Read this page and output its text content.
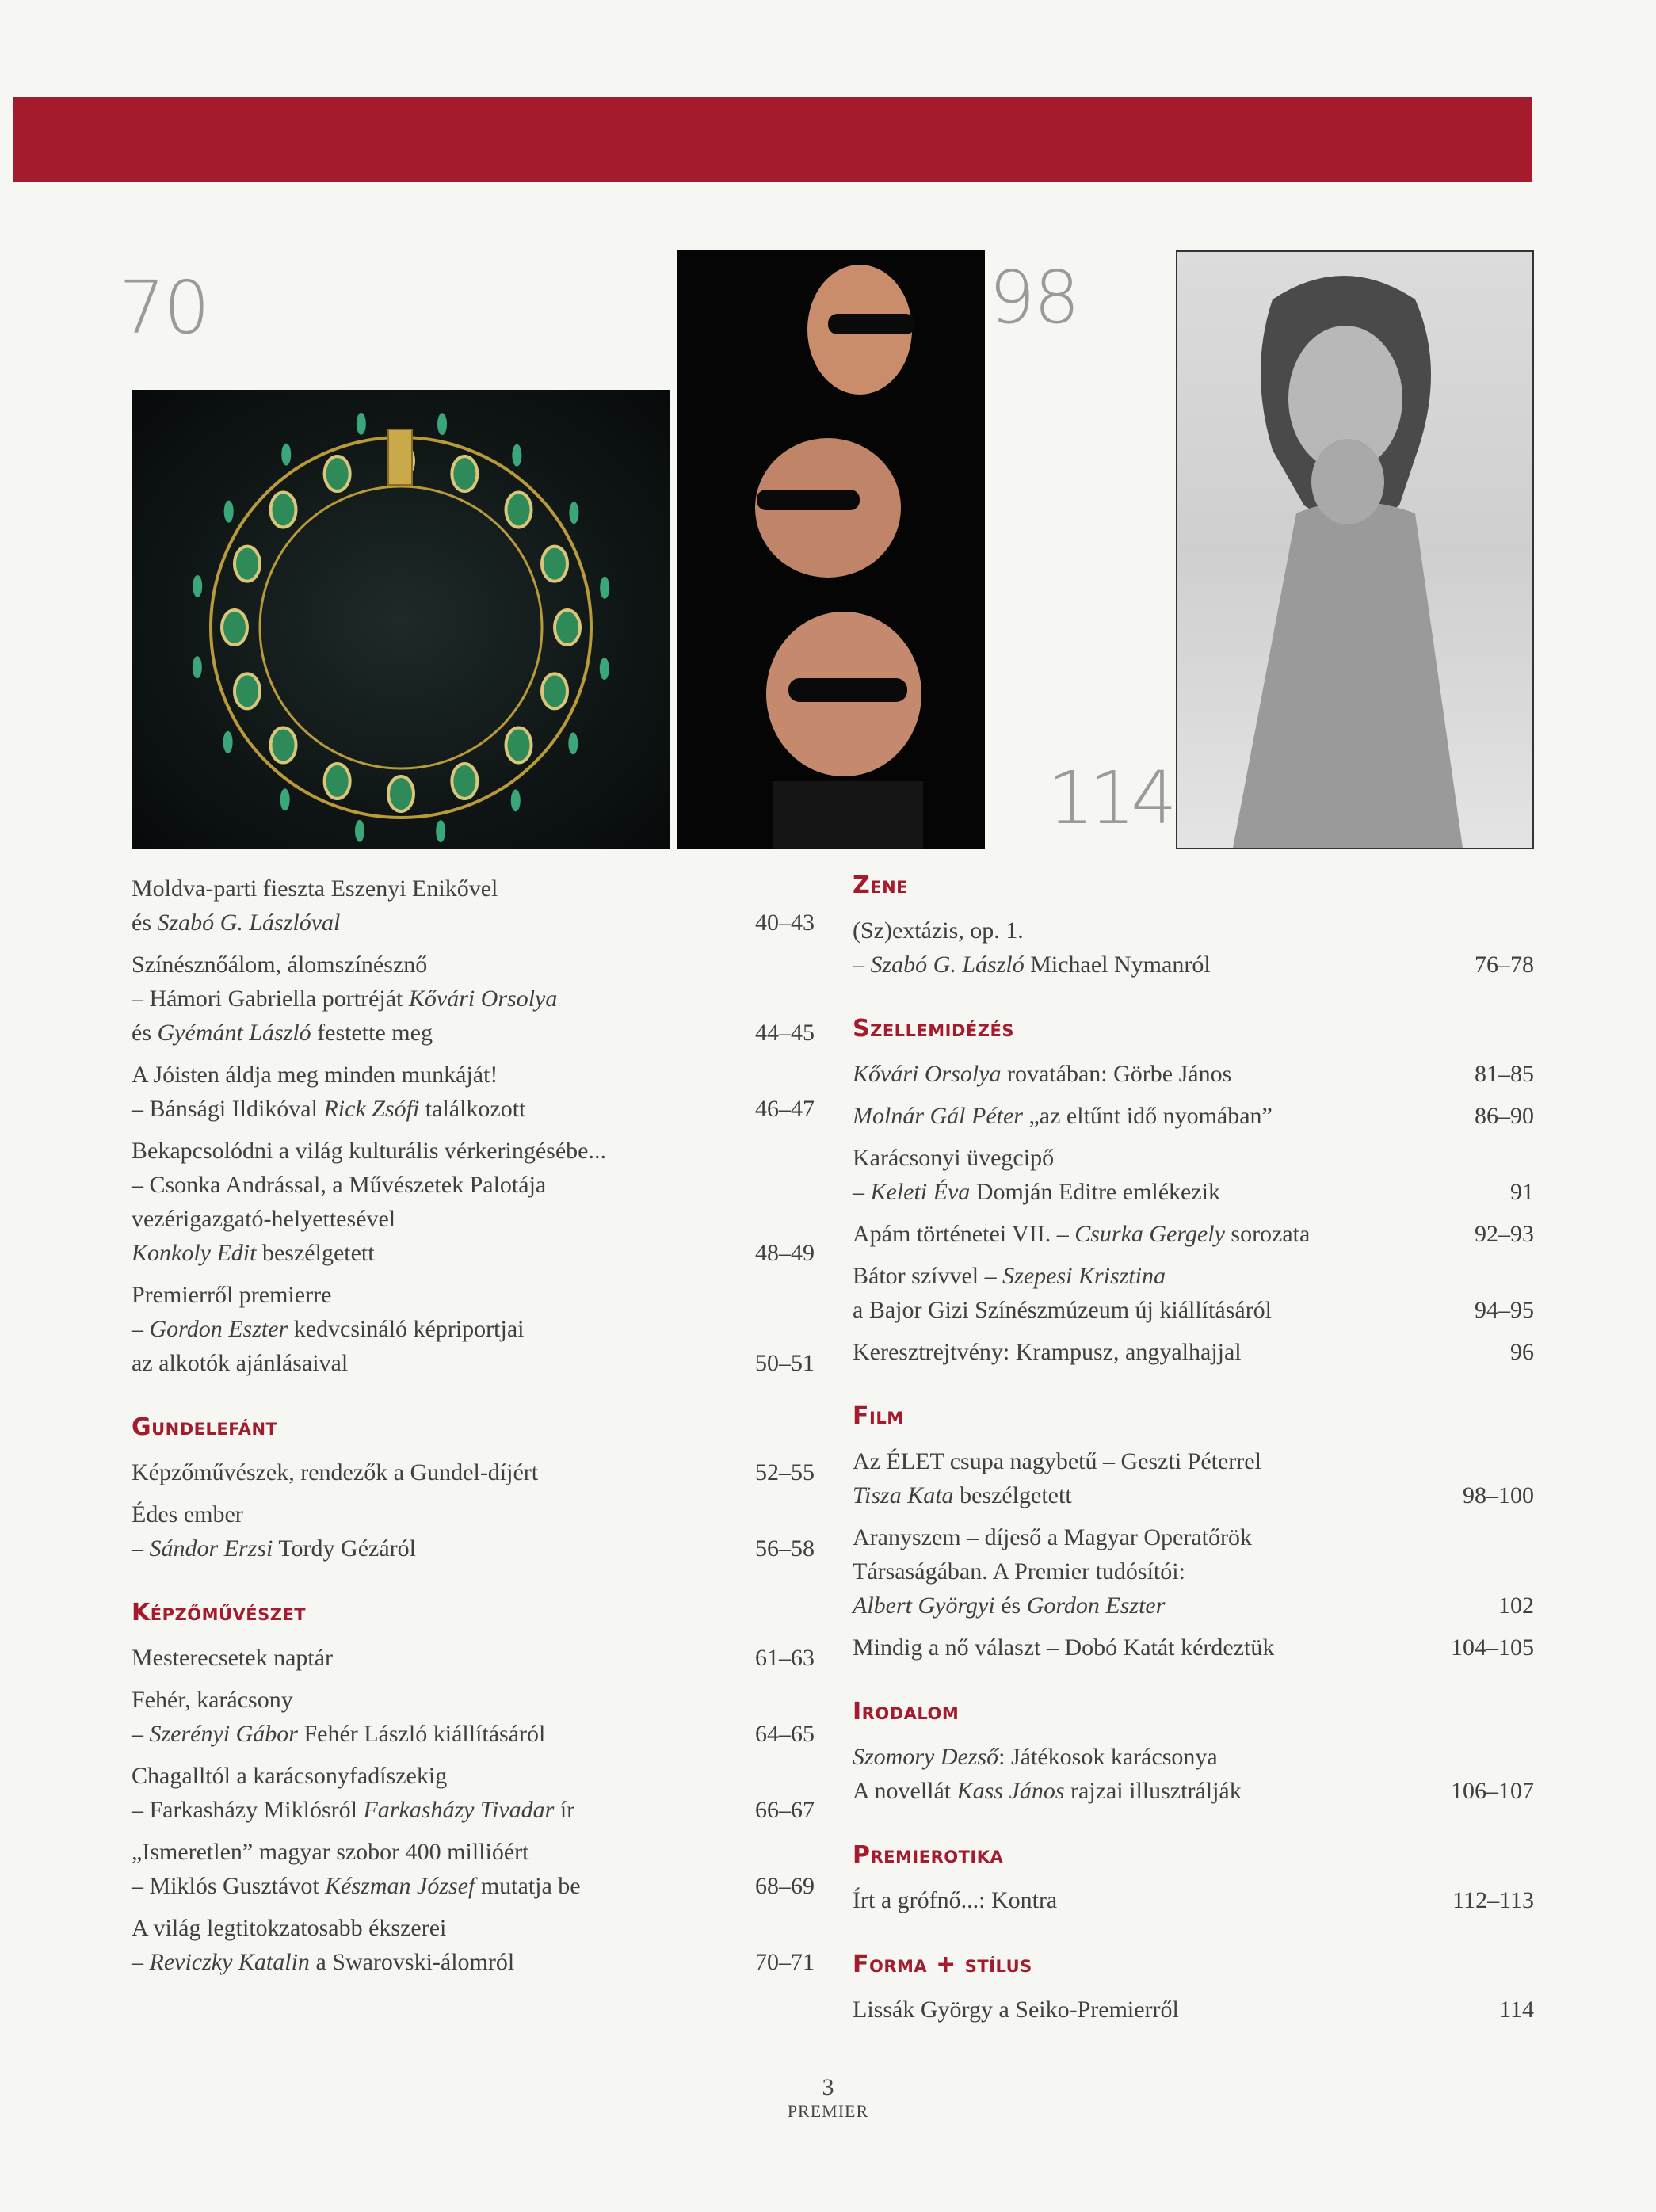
70	98
114
Moldva-parti fieszta Eszenyi Enikővel
és Szabó G. Lászlóval	40–43
Színésznőálom, álomszínésznő
– Hámori Gabriella portréját Kővári Orsolya
és Gyémánt László festette meg	44–45
A Jóisten áldja meg minden munkáját!
– Bánsági Ildikóval Rick Zsófi találkozott	46–47
Bekapcsolódni a világ kulturális vérkeringésébe...
– Csonka Andrással, a Művészetek Palotája
vezérigazgató-helyettesével
Konkoly Edit beszélgetett	48–49
Premierről premierre
– Gordon Eszter kedvcsináló képriportjai
az alkotók ajánlásaival	50–51
Gundelefánt
Képzőművészek, rendezők a Gundel-díjért	52–55
Édes ember
– Sándor Erzsi Tordy Gézáról	56–58
Képzőművészet
Mesterecsetek naptár	61–63
Fehér, karácsony
– Szerényi Gábor Fehér László kiállításáról	64–65
Chagalltól a karácsonyfadíszekig
– Farkasházy Miklósról Farkasházy Tivadar ír	66–67
„Ismeretlen” magyar szobor 400 millióért
– Miklós Gusztávot Készman József mutatja be	68–69
A világ legtitokzatosabb ékszerei
– Reviczky Katalin a Swarovski-álomról	70–71
Zene
(Sz)extázis, op. 1.
– Szabó G. László Michael Nymanról	76–78
Szellemidézés
Kővári Orsolya rovatában: Görbe János	81–85
Molnár Gál Péter „az eltűnt idő nyomában”	86–90
Karácsonyi üvegcipő
– Keleti Éva Domján Editre emlékezik	91
Apám történetei VII. – Csurka Gergely sorozata	92–93
Bátor szívvel – Szepesi Krisztina
a Bajor Gizi Színészmúzeum új kiállításáról	94–95
Keresztrejtvény: Krampusz, angyalhajjal	96
Film
Az ÉLET csupa nagybetű – Geszti Péterrel
Tisza Kata beszélgetett	98–100
Aranyszem – díjeső a Magyar Operatőrök
Társaságában. A Premier tudósítói:
Albert Györgyi és Gordon Eszter	102
Mindig a nő választ – Dobó Katát kérdeztük	104–105
Irodalom
Szomory Dezső: Játékosok karácsonya
A novellát Kass János rajzai illusztrálják	106–107
Premierotika
Írt a grófnő...: Kontra	112–113
Forma + stílus
Lissák György a Seiko-Premierről	114
3
PREMIER
